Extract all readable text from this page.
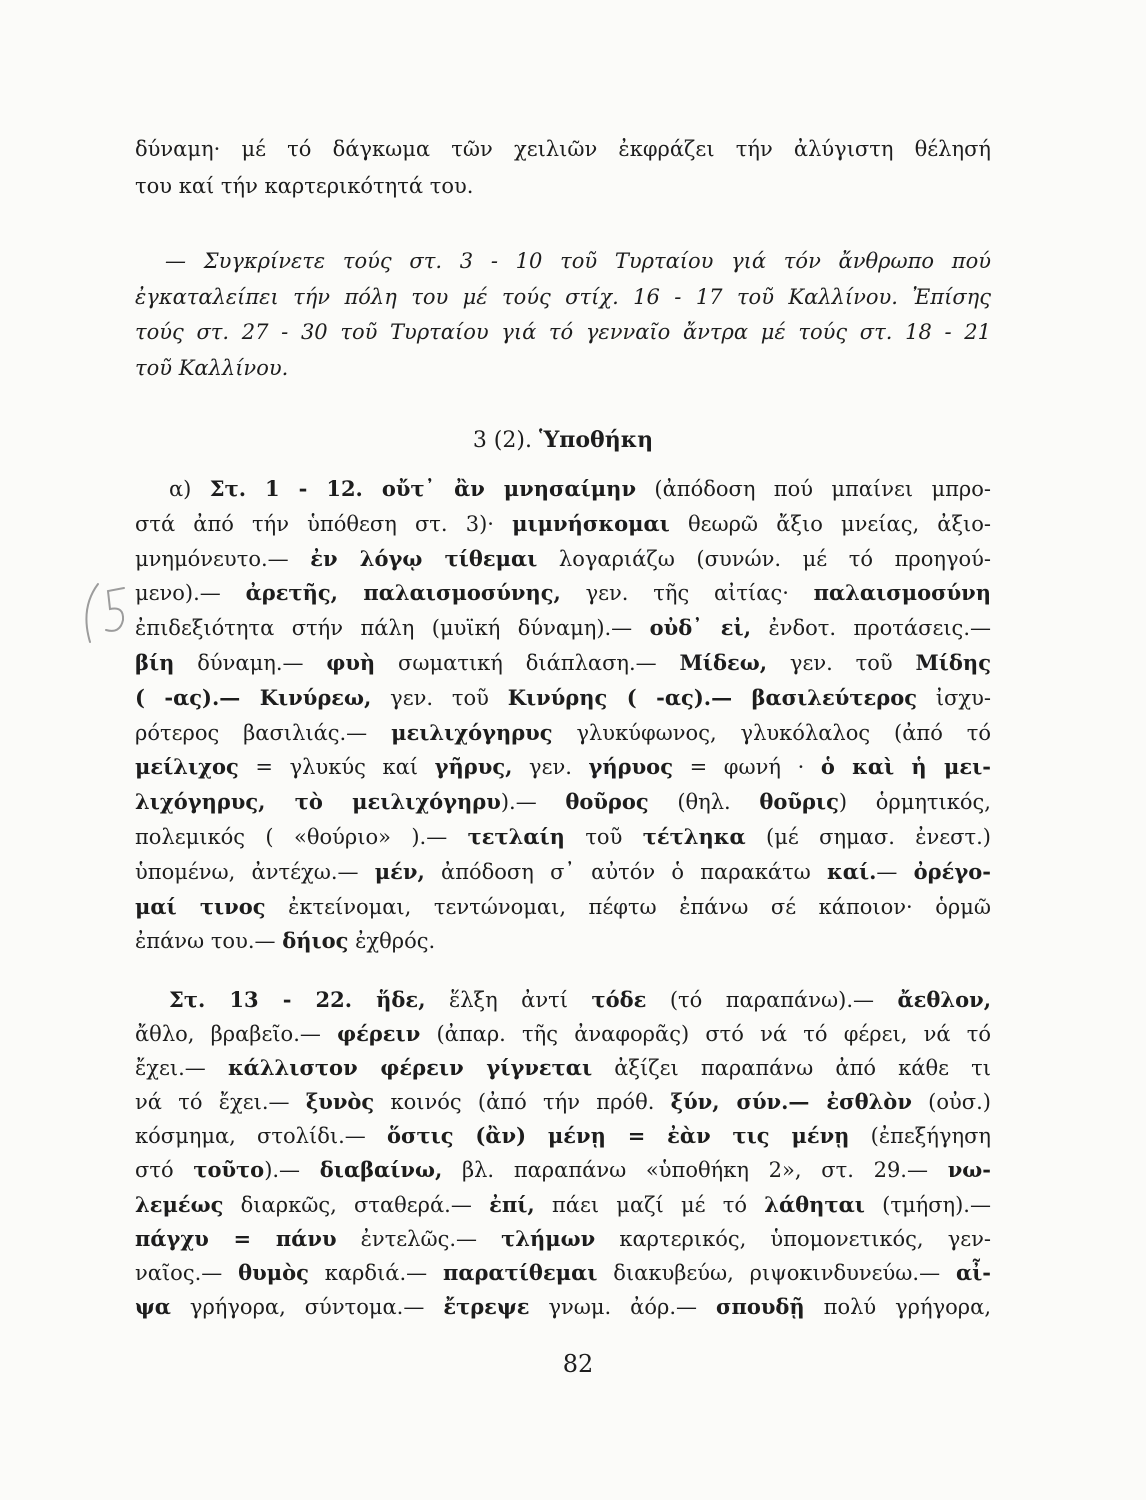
δύναμη· μέ τό δάγκωμα τῶν χειλιῶν ἐκφράζει τήν ἀλύγιστη θέλησή
του καί τήν καρτερικότητά του.
— Συγκρίνετε τούς στ. 3 - 10 τοῦ Τυρταίου γιά τόν ἄνθρωπο πού
ἐγκαταλείπει τήν πόλη του μέ τούς στίχ. 16 - 17 τοῦ Καλλίνου. Ἐπίσης
τούς στ. 27 - 30 τοῦ Τυρταίου γιά τό γενναῖο ἄντρα μέ τούς στ. 18 - 21
τοῦ Καλλίνου.
3 (2). Ὑποθήκη
α) Στ. 1 - 12. οὔτ᾽ ἂν μνησαίμην (ἀπόδοση πού μπαίνει μπρο-
στά ἀπό τήν ὑπόθεση στ. 3)· μιμνήσκομαι θεωρῶ ἄξιο μνείας, ἀξιο-
μνημόνευτο.— ἐν λόγῳ τίθεμαι λογαριάζω (συνών. μέ τό προηγού-
μενο).— ἀρετῆς, παλαισμοσύνης, γεν. τῆς αἰτίας· παλαισμοσύνη
ἐπιδεξιότητα στήν πάλη (μυϊκή δύναμη).— οὐδ᾽ εἰ, ἐνδοτ. προτάσεις.—
βίη δύναμη.— φυὴ σωματική διάπλαση.— Μίδεω, γεν. τοῦ Μίδης
( -ας).— Κινύρεω, γεν. τοῦ Κινύρης ( -ας).— βασιλεύτερος ἰσχυ-
ρότερος βασιλιάς.— μειλιχόγηρυς γλυκύφωνος, γλυκόλαλος (ἀπό τό
μείλιχος = γλυκύς καί γῆρυς, γεν. γήρυος = φωνή · ὁ καὶ ἡ μει-
λιχόγηρυς, τὸ μειλιχόγηρυ).— θοῦρος (θηλ. θοῦρις) ὁρμητικός,
πολεμικός ( «θούριο» ).— τετλαίη τοῦ τέτληκα (μέ σημασ. ἐνεστ.)
ὑπομένω, ἀντέχω.— μέν, ἀπόδοση σ᾽ αὐτόν ὁ παρακάτω καί.— ὀρέγο-
μαί τινος ἐκτείνομαι, τεντώνομαι, πέφτω ἐπάνω σέ κάποιον· ὁρμῶ
ἐπάνω του.— δήιος ἐχθρός.
Στ. 13 - 22. ἥδε, ἕλξη ἀντί τόδε (τό παραπάνω).— ἄεθλον,
ἄθλο, βραβεῖο.— φέρειν (ἀπαρ. τῆς ἀναφορᾶς) στό νά τό φέρει, νά τό
ἔχει.— κάλλιστον φέρειν γίγνεται ἀξίζει παραπάνω ἀπό κάθε τι
νά τό ἔχει.— ξυνὸς κοινός (ἀπό τήν πρόθ. ξύν, σύν.— ἐσθλὸν (οὐσ.)
κόσμημα, στολίδι.— ὅστις (ἂν) μένῃ = ἐὰν τις μένῃ (ἐπεξήγηση
στό τοῦτο).— διαβαίνω, βλ. παραπάνω «ὑποθήκη 2», στ. 29.— νω-
λεμέως διαρκῶς, σταθερά.— ἐπί, πάει μαζί μέ τό λάθηται (τμήση).—
πάγχυ = πάνυ ἐντελῶς.— τλήμων καρτερικός, ὑπομονετικός, γεν-
ναῖος.— θυμὸς καρδιά.— παρατίθεμαι διακυβεύω, ριψοκινδυνεύω.— αἶ-
ψα γρήγορα, σύντομα.— ἔτρεψε γνωμ. ἀόρ.— σπουδῇ πολύ γρήγορα,
82
